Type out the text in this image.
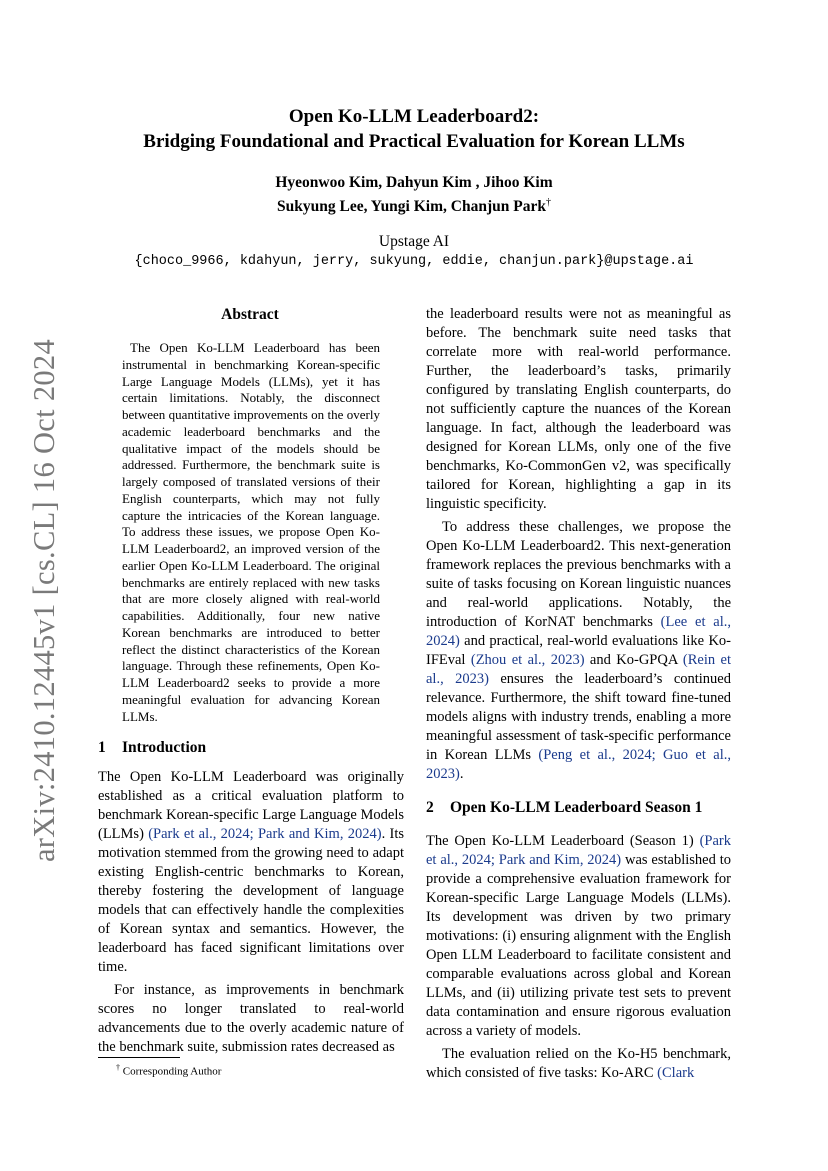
arXiv:2410.12445v1 [cs.CL] 16 Oct 2024
Open Ko-LLM Leaderboard2:
Bridging Foundational and Practical Evaluation for Korean LLMs
Hyeonwoo Kim, Dahyun Kim , Jihoo Kim
Sukyung Lee, Yungi Kim, Chanjun Park†
Upstage AI
{choco_9966, kdahyun, jerry, sukyung, eddie, chanjun.park}@upstage.ai
Abstract

The Open Ko-LLM Leaderboard has been instrumental in benchmarking Korean-specific Large Language Models (LLMs), yet it has certain limitations. Notably, the disconnect between quantitative improvements on the overly academic leaderboard benchmarks and the qualitative impact of the models should be addressed. Furthermore, the benchmark suite is largely composed of translated versions of their English counterparts, which may not fully capture the intricacies of the Korean language. To address these issues, we propose Open Ko-LLM Leaderboard2, an improved version of the earlier Open Ko-LLM Leaderboard. The original benchmarks are entirely replaced with new tasks that are more closely aligned with real-world capabilities. Additionally, four new native Korean benchmarks are introduced to better reflect the distinct characteristics of the Korean language. Through these refinements, Open Ko-LLM Leaderboard2 seeks to provide a more meaningful evaluation for advancing Korean LLMs.

1 Introduction

The Open Ko-LLM Leaderboard was originally established as a critical evaluation platform to benchmark Korean-specific Large Language Models (LLMs) (Park et al., 2024; Park and Kim, 2024). Its motivation stemmed from the growing need to adapt existing English-centric benchmarks to Korean, thereby fostering the development of language models that can effectively handle the complexities of Korean syntax and semantics. However, the leaderboard has faced significant limitations over time.

For instance, as improvements in benchmark scores no longer translated to real-world advancements due to the overly academic nature of the benchmark suite, submission rates decreased as

the leaderboard results were not as meaningful as before. The benchmark suite need tasks that correlate more with real-world performance. Further, the leaderboard’s tasks, primarily configured by translating English counterparts, do not sufficiently capture the nuances of the Korean language. In fact, although the leaderboard was designed for Korean LLMs, only one of the five benchmarks, Ko-CommonGen v2, was specifically tailored for Korean, highlighting a gap in its linguistic specificity.

To address these challenges, we propose the Open Ko-LLM Leaderboard2. This next-generation framework replaces the previous benchmarks with a suite of tasks focusing on Korean linguistic nuances and real-world applications. Notably, the introduction of KorNAT benchmarks (Lee et al., 2024) and practical, real-world evaluations like Ko-IFEval (Zhou et al., 2023) and Ko-GPQA (Rein et al., 2023) ensures the leaderboard’s continued relevance. Furthermore, the shift toward fine-tuned models aligns with industry trends, enabling a more meaningful assessment of task-specific performance in Korean LLMs (Peng et al., 2024; Guo et al., 2023).

2 Open Ko-LLM Leaderboard Season 1

The Open Ko-LLM Leaderboard (Season 1) (Park et al., 2024; Park and Kim, 2024) was established to provide a comprehensive evaluation framework for Korean-specific Large Language Models (LLMs). Its development was driven by two primary motivations: (i) ensuring alignment with the English Open LLM Leaderboard to facilitate consistent and comparable evaluations across global and Korean LLMs, and (ii) utilizing private test sets to prevent data contamination and ensure rigorous evaluation across a variety of models.

The evaluation relied on the Ko-H5 benchmark, which consisted of five tasks: Ko-ARC (Clark

† Corresponding Author
